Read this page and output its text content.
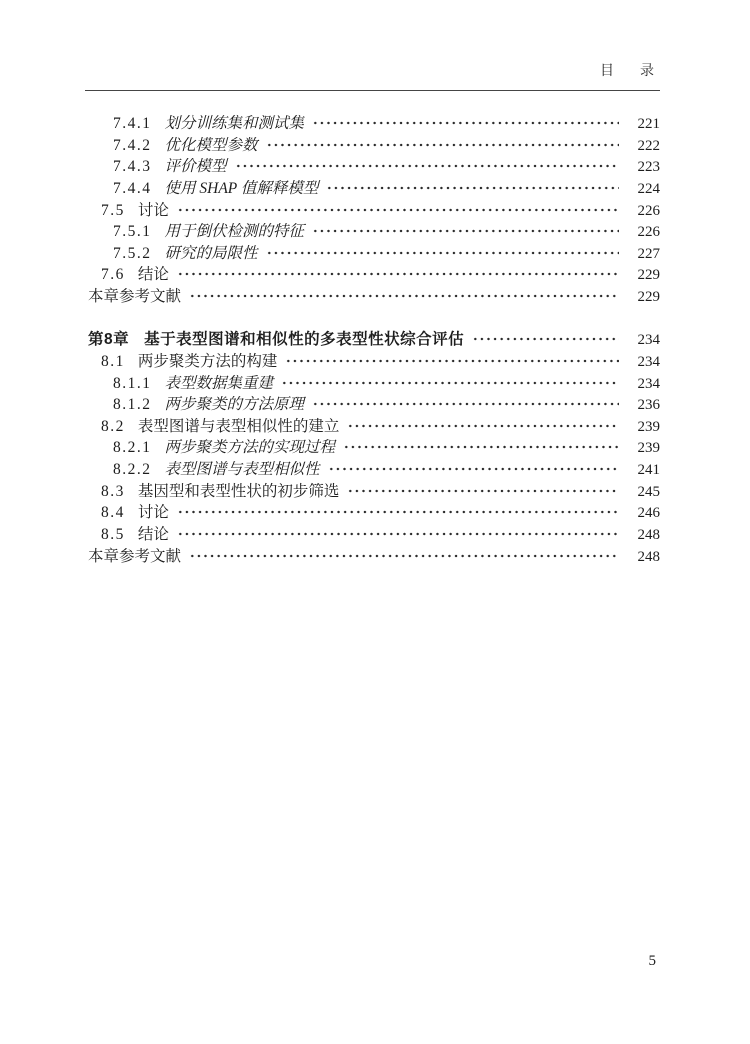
目　录
7.4.1 划分训练集和测试集	221
7.4.2 优化模型参数	222
7.4.3 评价模型	223
7.4.4 使用 SHAP 值解释模型	224
7.5 讨论	226
7.5.1 用于倒伏检测的特征	226
7.5.2 研究的局限性	227
7.6 结论	229
本章参考文献	229
第8章 基于表型图谱和相似性的多表型性状综合评估	234
8.1 两步聚类方法的构建	234
8.1.1 表型数据集重建	234
8.1.2 两步聚类的方法原理	236
8.2 表型图谱与表型相似性的建立	239
8.2.1 两步聚类方法的实现过程	239
8.2.2 表型图谱与表型相似性	241
8.3 基因型和表型性状的初步筛选	245
8.4 讨论	246
8.5 结论	248
本章参考文献	248
5
